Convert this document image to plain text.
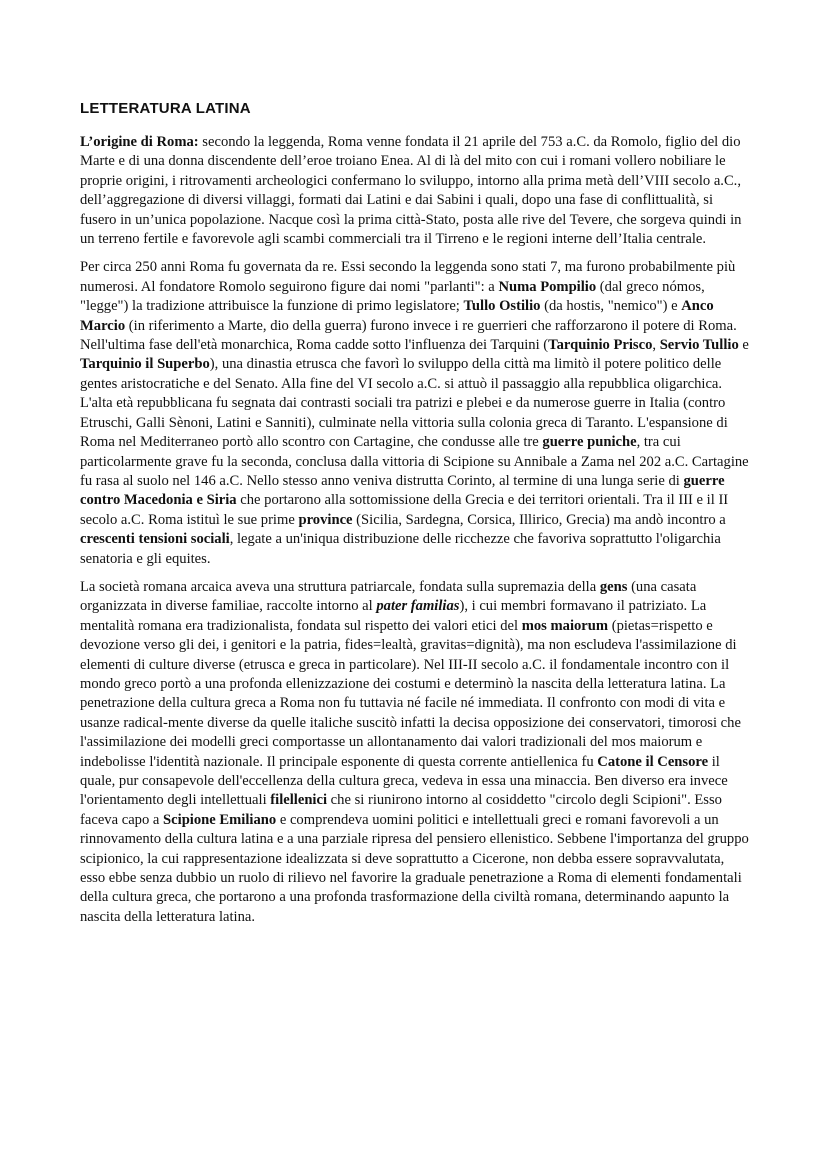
LETTERATURA LATINA

L’origine di Roma: secondo la leggenda, Roma venne fondata il 21 aprile del 753 a.C. da Romolo, figlio del dio Marte e di una donna discendente dell’eroe troiano Enea. Al di là del mito con cui i romani vollero nobiliare le proprie origini, i ritrovamenti archeologici confermano lo sviluppo, intorno alla prima metà dell’VIII secolo a.C., dell’aggregazione di diversi villaggi, formati dai Latini e dai Sabini i quali, dopo una fase di conflittualità, si fusero in un’unica popolazione. Nacque così la prima città-Stato, posta alle rive del Tevere, che sorgeva quindi in un terreno fertile e favorevole agli scambi commerciali tra il Tirreno e le regioni interne dell’Italia centrale.

Per circa 250 anni Roma fu governata da re. Essi secondo la leggenda sono stati 7, ma furono probabilmente più numerosi. Al fondatore Romolo seguirono figure dai nomi "parlanti": a Numa Pompilio (dal greco nómos, "legge") la tradizione attribuisce la funzione di primo legislatore; Tullo Ostilio (da hostis, "nemico") e Anco Marcio (in riferimento a Marte, dio della guerra) furono invece i re guerrieri che rafforzarono il potere di Roma. Nell'ultima fase dell'età monarchica, Roma cadde sotto l'influenza dei Tarquini (Tarquinio Prisco, Servio Tullio e Tarquinio il Superbo), una dinastia etrusca che favorì lo sviluppo della città ma limitò il potere politico delle gentes aristocratiche e del Senato. Alla fine del VI secolo a.C. si attuò il passaggio alla repubblica oligarchica. L'alta età repubblicana fu segnata dai contrasti sociali tra patrizi e plebei e da numerose guerre in Italia (contro Etruschi, Galli Sènoni, Latini e Sanniti), culminate nella vittoria sulla colonia greca di Taranto. L'espansione di Roma nel Mediterraneo portò allo scontro con Cartagine, che condusse alle tre guerre puniche, tra cui particolarmente grave fu la seconda, conclusa dalla vittoria di Scipione su Annibale a Zama nel 202 a.C. Cartagine fu rasa al suolo nel 146 a.C. Nello stesso anno veniva distrutta Corinto, al termine di una lunga serie di guerre contro Macedonia e Siria che portarono alla sottomissione della Grecia e dei territori orientali. Tra il III e il II secolo a.C. Roma istituì le sue prime province (Sicilia, Sardegna, Corsica, Illirico, Grecia) ma andò incontro a crescenti tensioni sociali, legate a un'iniqua distribuzione delle ricchezze che favoriva soprattutto l'oligarchia senatoria e gli equites.

La società romana arcaica aveva una struttura patriarcale, fondata sulla supremazia della gens (una casata organizzata in diverse familiae, raccolte intorno al pater familias), i cui membri formavano il patriziato. La mentalità romana era tradizionalista, fondata sul rispetto dei valori etici del mos maiorum (pietas=rispetto e devozione verso gli dei, i genitori e la patria, fides=lealtà, gravitas=dignità), ma non escludeva l'assimilazione di elementi di culture diverse (etrusca e greca in particolare). Nel III-II secolo a.C. il fondamentale incontro con il mondo greco portò a una profonda ellenizzazione dei costumi e determinò la nascita della letteratura latina. La penetrazione della cultura greca a Roma non fu tuttavia né facile né immediata. Il confronto con modi di vita e usanze radical-mente diverse da quelle italiche suscitò infatti la decisa opposizione dei conservatori, timorosi che l'assimilazione dei modelli greci comportasse un allontanamento dai valori tradizionali del mos maiorum e indebolisse l'identità nazionale. Il principale esponente di questa corrente antiellenica fu Catone il Censore il quale, pur consapevole dell'eccellenza della cultura greca, vedeva in essa una minaccia. Ben diverso era invece l'orientamento degli intellettuali filellenici che si riunirono intorno al cosiddetto "circolo degli Scipioni". Esso faceva capo a Scipione Emiliano e comprendeva uomini politici e intellettuali greci e romani favorevoli a un rinnovamento della cultura latina e a una parziale ripresa del pensiero ellenistico. Sebbene l'importanza del gruppo scipionico, la cui rappresentazione idealizzata si deve soprattutto a Cicerone, non debba essere sopravvalutata, esso ebbe senza dubbio un ruolo di rilievo nel favorire la graduale penetrazione a Roma di elementi fondamentali della cultura greca, che portarono a una profonda trasformazione della civiltà romana, determinando aapunto la nascita della letteratura latina.
